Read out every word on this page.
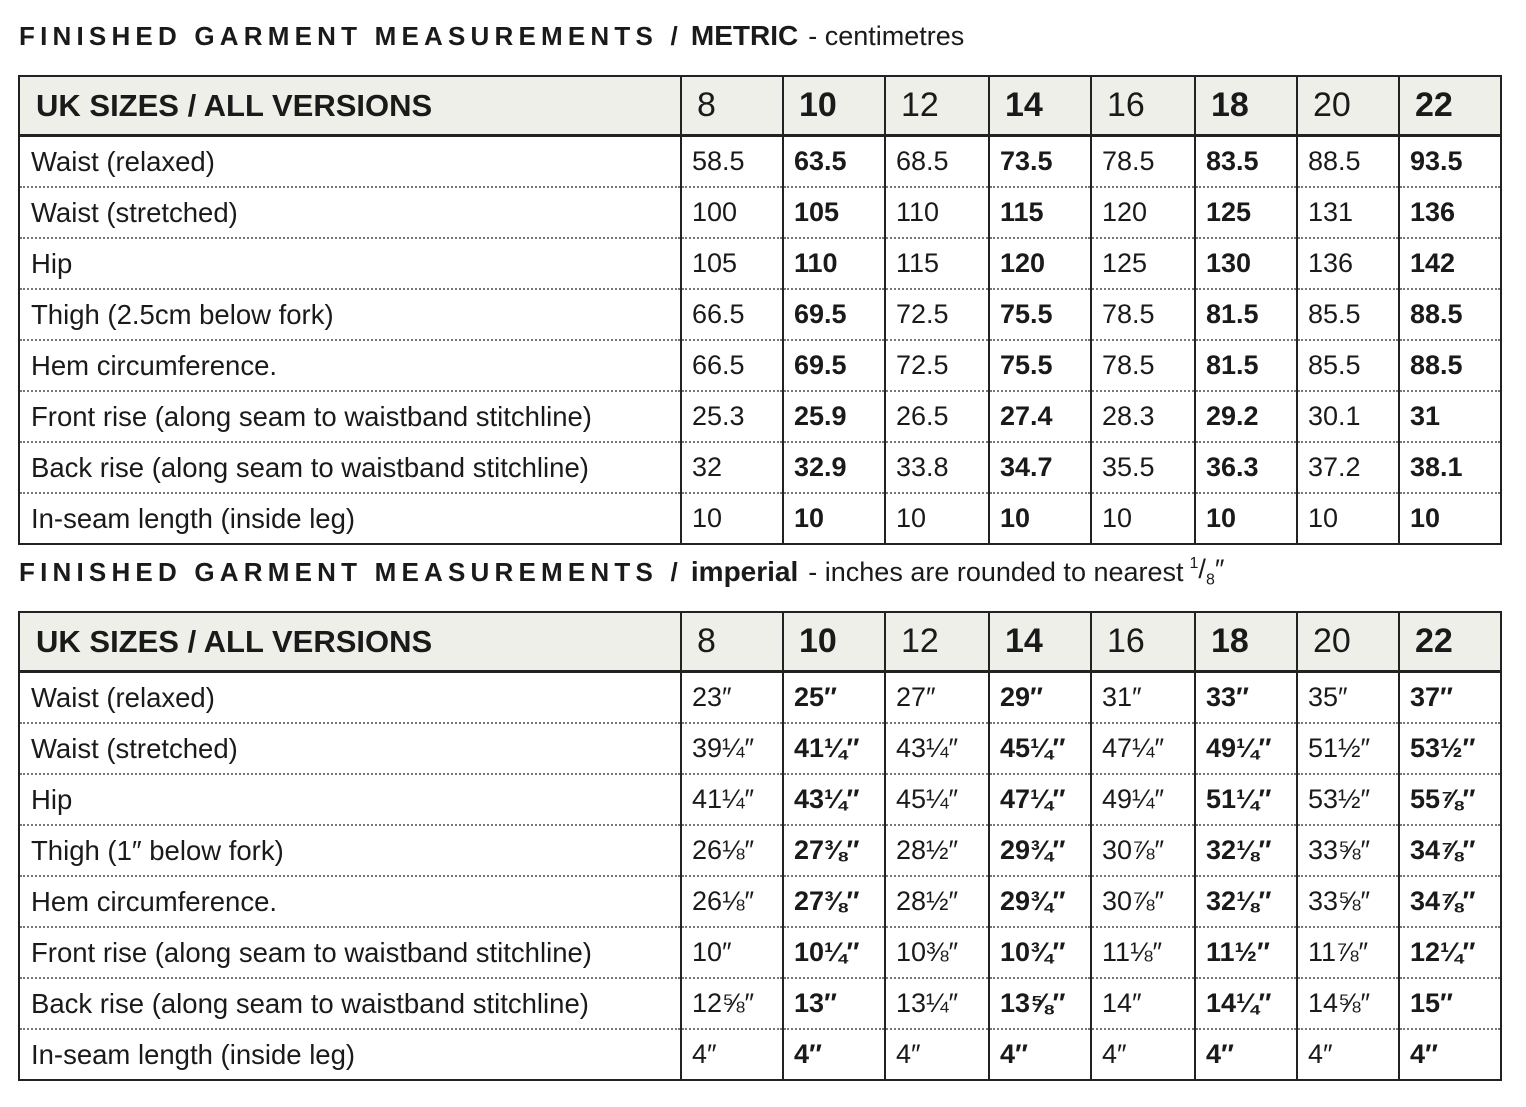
FINISHED GARMENT MEASUREMENTS / METRIC - centimetres
UK SIZES / ALL VERSIONS	8	10	12	14	16	18	20	22
Waist (relaxed)	58.5	63.5	68.5	73.5	78.5	83.5	88.5	93.5
Waist (stretched)	100	105	110	115	120	125	131	136
Hip	105	110	115	120	125	130	136	142
Thigh (2.5cm below fork)	66.5	69.5	72.5	75.5	78.5	81.5	85.5	88.5
Hem circumference.	66.5	69.5	72.5	75.5	78.5	81.5	85.5	88.5
Front rise (along seam to waistband stitchline)	25.3	25.9	26.5	27.4	28.3	29.2	30.1	31
Back rise (along seam to waistband stitchline)	32	32.9	33.8	34.7	35.5	36.3	37.2	38.1
In-seam length (inside leg)	10	10	10	10	10	10	10	10
FINISHED GARMENT MEASUREMENTS / imperial - inches are rounded to nearest $^1/_8''$
UK SIZES / ALL VERSIONS	8	10	12	14	16	18	20	22
Waist (relaxed)	23″	25″	27″	29″	31″	33″	35″	37″
Waist (stretched)	39¼″	41¼″	43¼″	45¼″	47¼″	49¼″	51½″	53½″
Hip	41¼″	43¼″	45¼″	47¼″	49¼″	51¼″	53½″	55⅞″
Thigh (1″ below fork)	26⅛″	27⅜″	28½″	29¾″	30⅞″	32⅛″	33⅝″	34⅞″
Hem circumference.	26⅛″	27⅜″	28½″	29¾″	30⅞″	32⅛″	33⅝″	34⅞″
Front rise (along seam to waistband stitchline)	10″	10¼″	10⅜″	10¾″	11⅛″	11½″	11⅞″	12¼″
Back rise (along seam to waistband stitchline)	12⅝″	13″	13¼″	13⅝″	14″	14¼″	14⅝″	15″
In-seam length (inside leg)	4″	4″	4″	4″	4″	4″	4″	4″
